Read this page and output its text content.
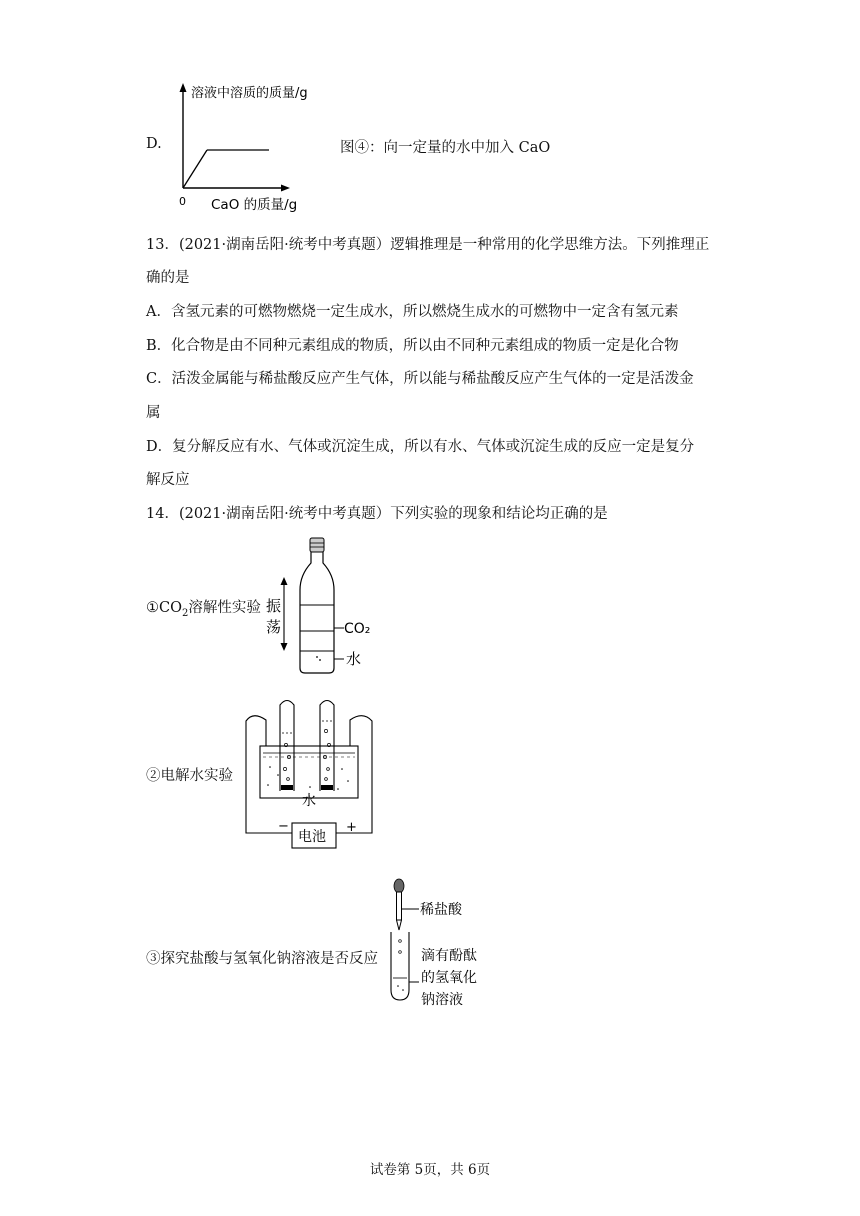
D.
溶液中溶质的质量/g
0 CaO 的质量/g
图④：向一定量的水中加入 CaO
13．(2021·湖南岳阳·统考中考真题）逻辑推理是一种常用的化学思维方法。下列推理正
确的是
A．含氢元素的可燃物燃烧一定生成水，所以燃烧生成水的可燃物中一定含有氢元素
B．化合物是由不同种元素组成的物质，所以由不同种元素组成的物质一定是化合物
C．活泼金属能与稀盐酸反应产生气体，所以能与稀盐酸反应产生气体的一定是活泼金
属
D．复分解反应有水、气体或沉淀生成，所以有水、气体或沉淀生成的反应一定是复分
解反应
14．(2021·湖南岳阳·统考中考真题）下列实验的现象和结论均正确的是
$①CO_2$溶解性实验 振
荡	CO₂
水
②电解水实验
电池
−	+
水
③探究盐酸与氢氧化钠溶液是否反应
稀盐酸
滴有酚酞
的氢氧化
钠溶液
试卷第 5页，共 6页
